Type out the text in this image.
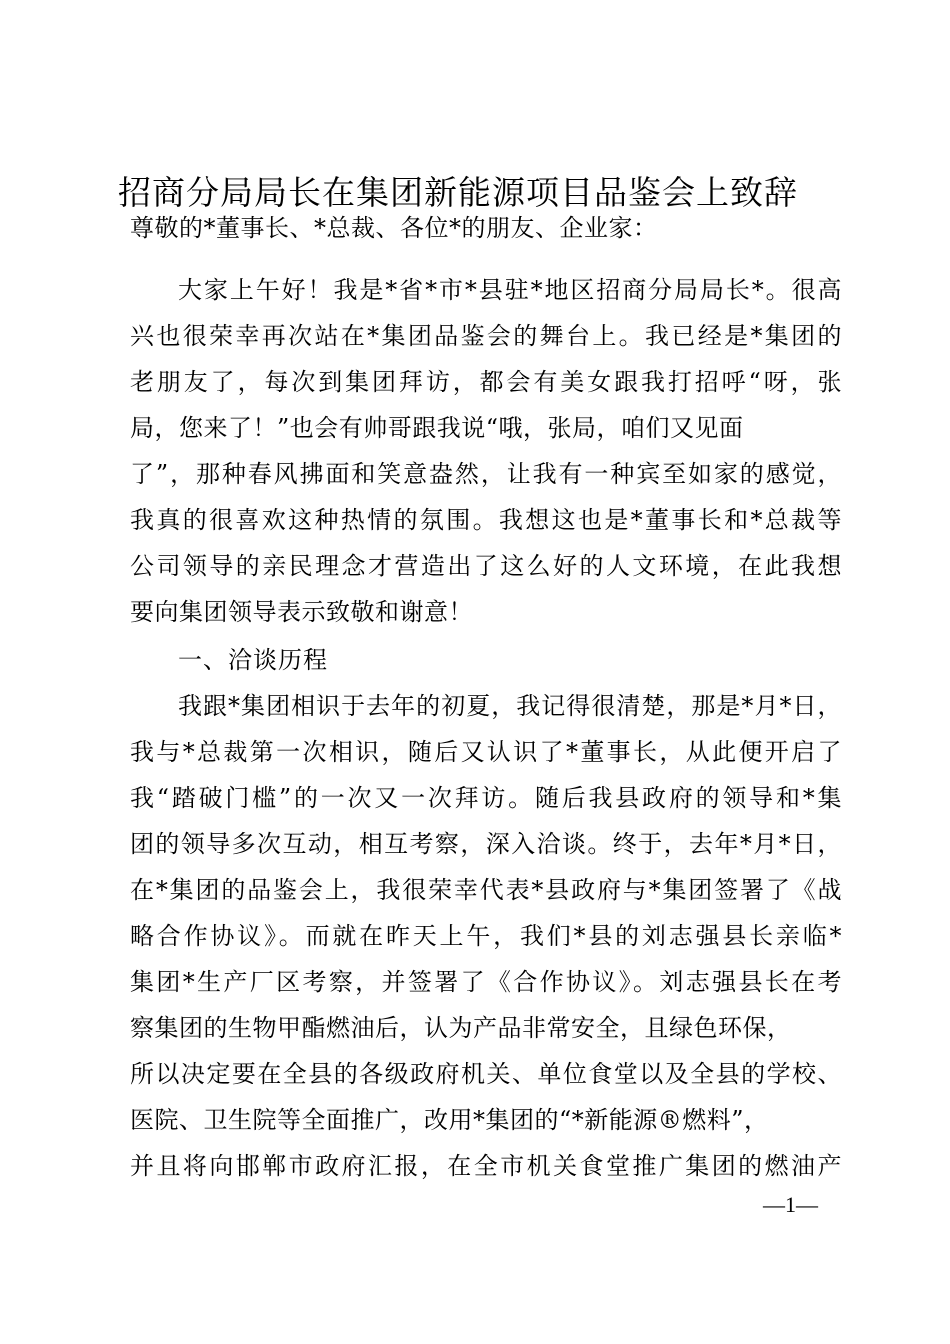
招商分局局长在集团新能源项目品鉴会上致辞
尊敬的*董事长、*总裁、各位*的朋友、企业家：
大家上午好！我是*省*市*县驻*地区招商分局局长*。很高
兴也很荣幸再次站在*集团品鉴会的舞台上。我已经是*集团的
老朋友了，每次到集团拜访，都会有美女跟我打招呼“呀，张
局，您来了！”也会有帅哥跟我说“哦，张局，咱们又见面
了”，那种春风拂面和笑意盎然，让我有一种宾至如家的感觉，
我真的很喜欢这种热情的氛围。我想这也是*董事长和*总裁等
公司领导的亲民理念才营造出了这么好的人文环境，在此我想
要向集团领导表示致敬和谢意！
一、洽谈历程
我跟*集团相识于去年的初夏，我记得很清楚，那是*月*日，
我与*总裁第一次相识，随后又认识了*董事长，从此便开启了
我“踏破门槛”的一次又一次拜访。随后我县政府的领导和*集
团的领导多次互动，相互考察，深入洽谈。终于，去年*月*日，
在*集团的品鉴会上，我很荣幸代表*县政府与*集团签署了《战
略合作协议》。而就在昨天上午，我们*县的刘志强县长亲临*
集团*生产厂区考察，并签署了《合作协议》。刘志强县长在考
察集团的生物甲酯燃油后，认为产品非常安全，且绿色环保，
所以决定要在全县的各级政府机关、单位食堂以及全县的学校、
医院、卫生院等全面推广，改用*集团的“*新能源®燃料”，
并且将向邯郸市政府汇报，在全市机关食堂推广集团的燃油产
—1—
